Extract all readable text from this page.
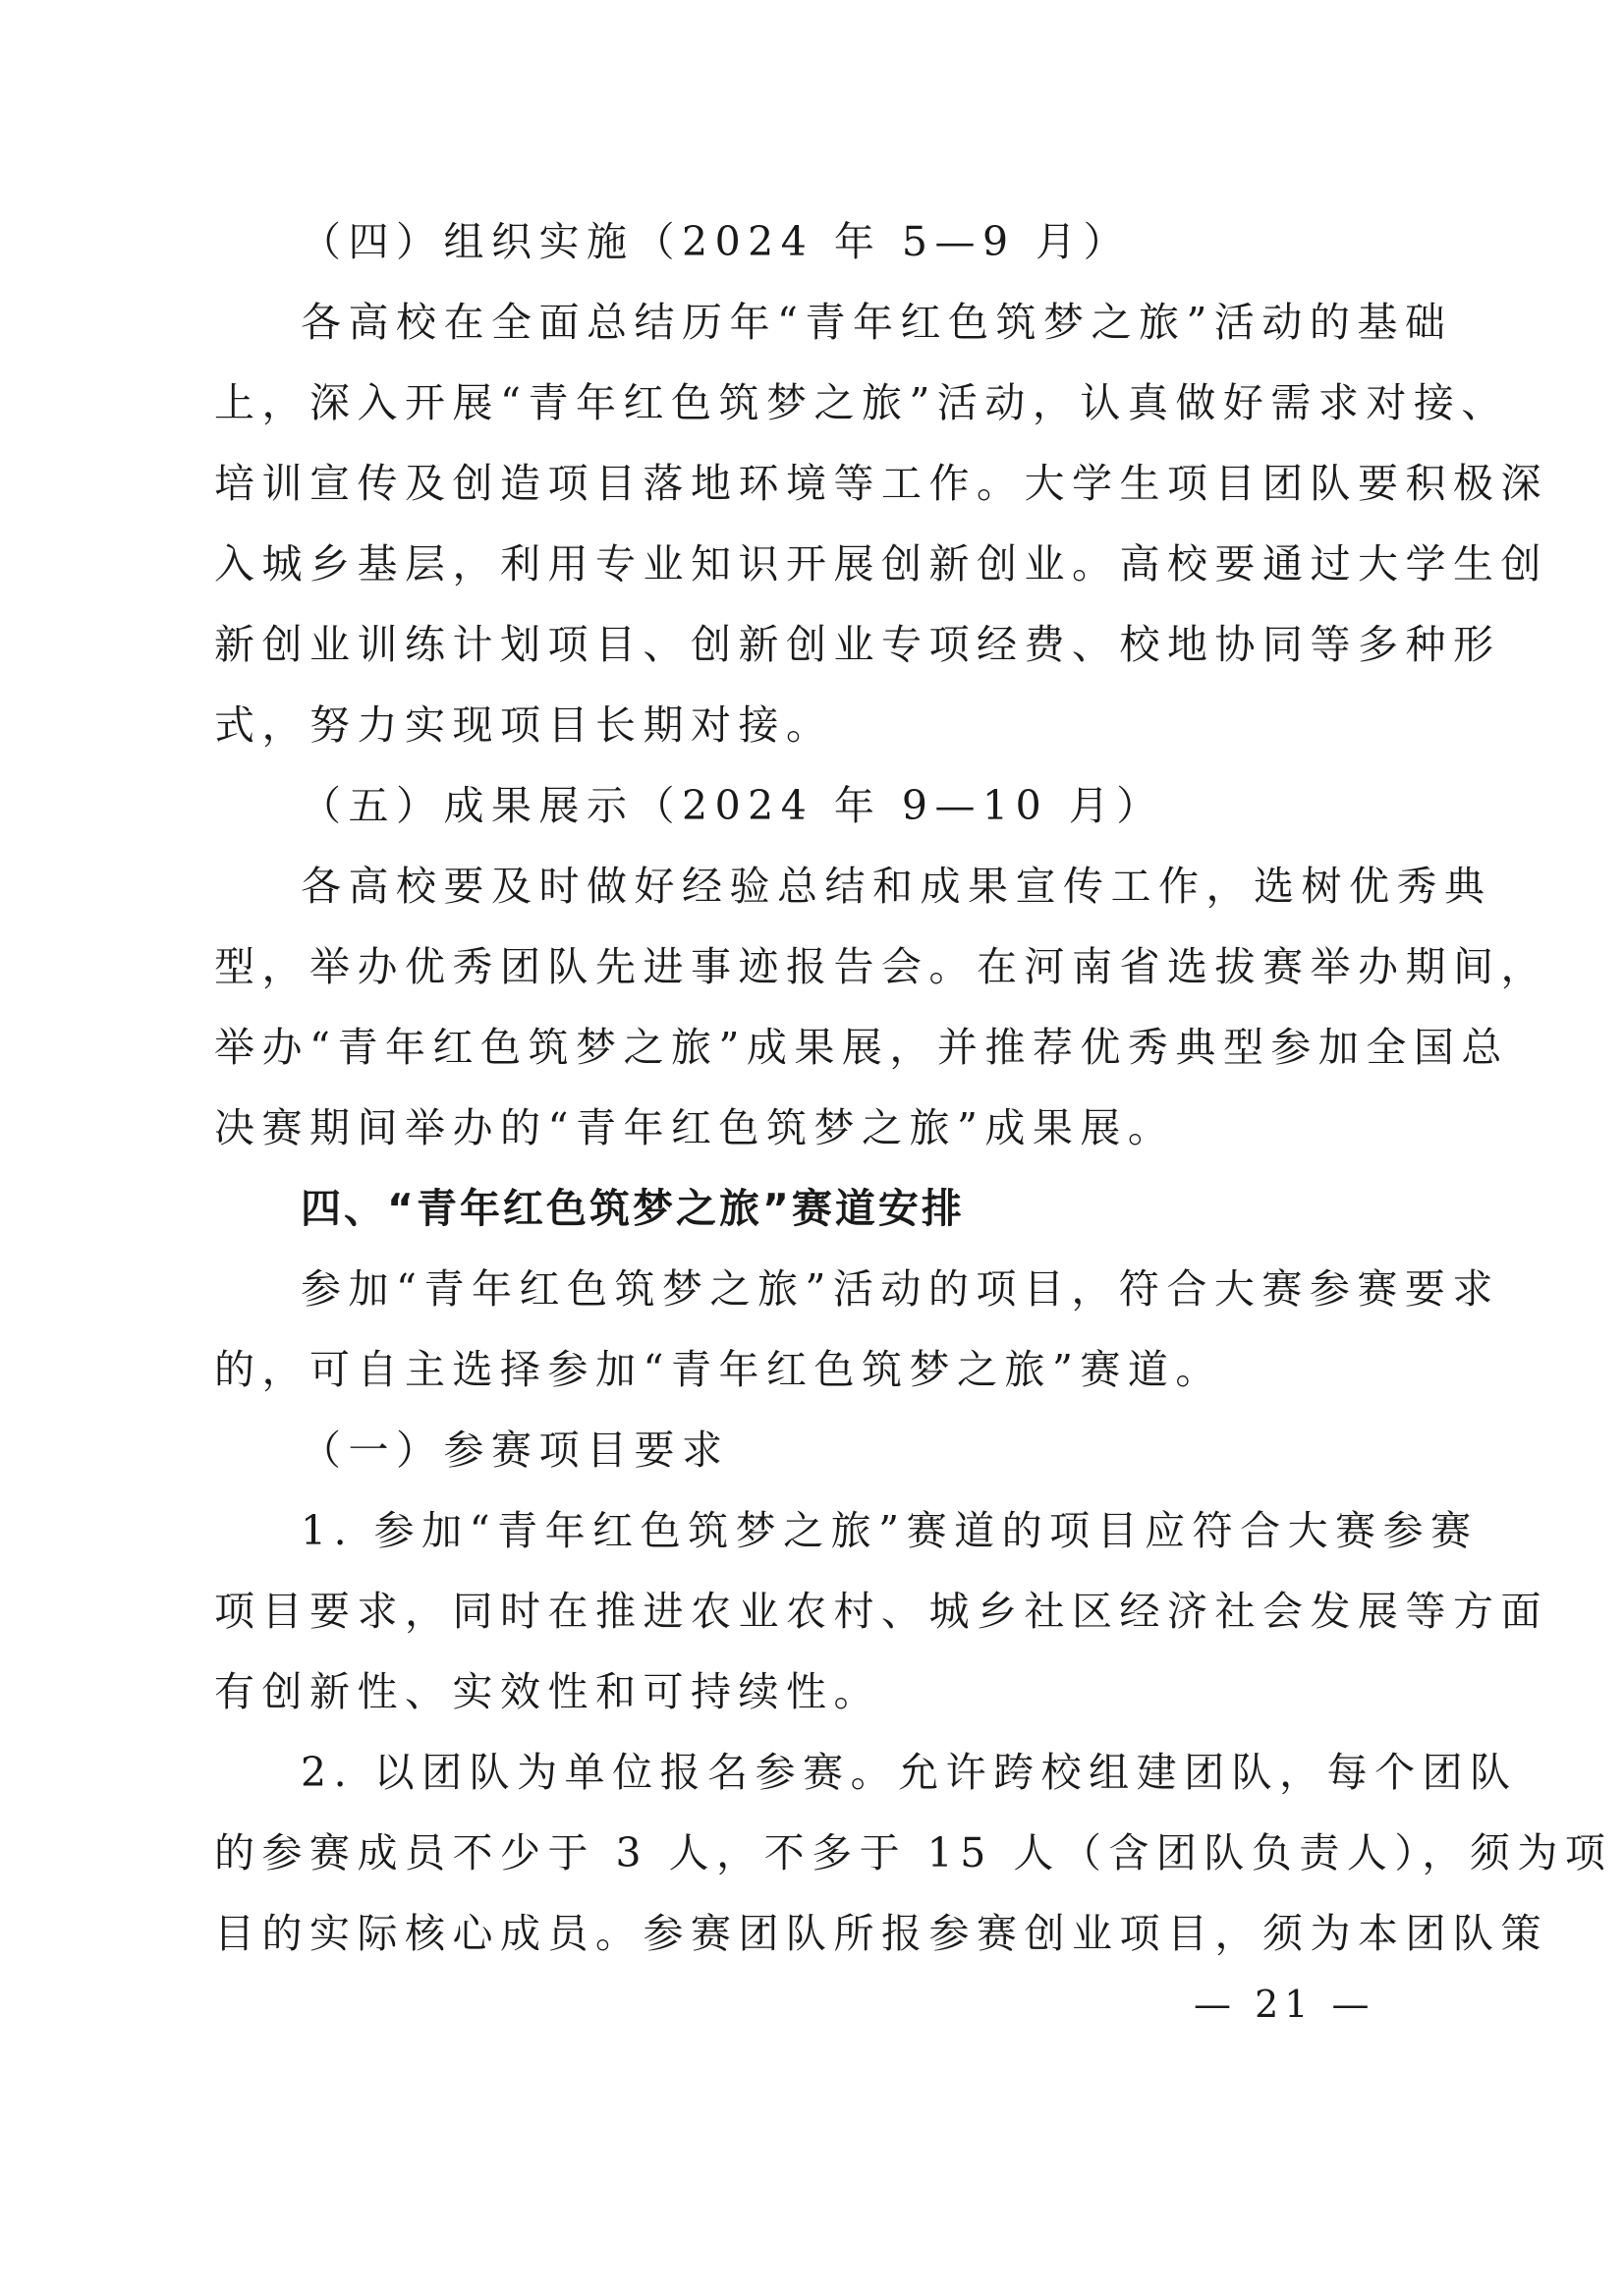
（四）组织实施（2024 年 5—9 月）
各高校在全面总结历年“青年红色筑梦之旅”活动的基础
上，深入开展“青年红色筑梦之旅”活动，认真做好需求对接、
培训宣传及创造项目落地环境等工作。大学生项目团队要积极深
入城乡基层，利用专业知识开展创新创业。高校要通过大学生创
新创业训练计划项目、创新创业专项经费、校地协同等多种形
式，努力实现项目长期对接。
（五）成果展示（2024 年 9—10 月）
各高校要及时做好经验总结和成果宣传工作，选树优秀典
型，举办优秀团队先进事迹报告会。在河南省选拔赛举办期间，
举办“青年红色筑梦之旅”成果展，并推荐优秀典型参加全国总
决赛期间举办的“青年红色筑梦之旅”成果展。
四、“青年红色筑梦之旅”赛道安排
参加“青年红色筑梦之旅”活动的项目，符合大赛参赛要求
的，可自主选择参加“青年红色筑梦之旅”赛道。
（一）参赛项目要求
1. 参加“青年红色筑梦之旅”赛道的项目应符合大赛参赛
项目要求，同时在推进农业农村、城乡社区经济社会发展等方面
有创新性、实效性和可持续性。
2. 以团队为单位报名参赛。允许跨校组建团队，每个团队
的参赛成员不少于 3 人，不多于 15 人（含团队负责人），须为项
目的实际核心成员。参赛团队所报参赛创业项目，须为本团队策
— 21 —
